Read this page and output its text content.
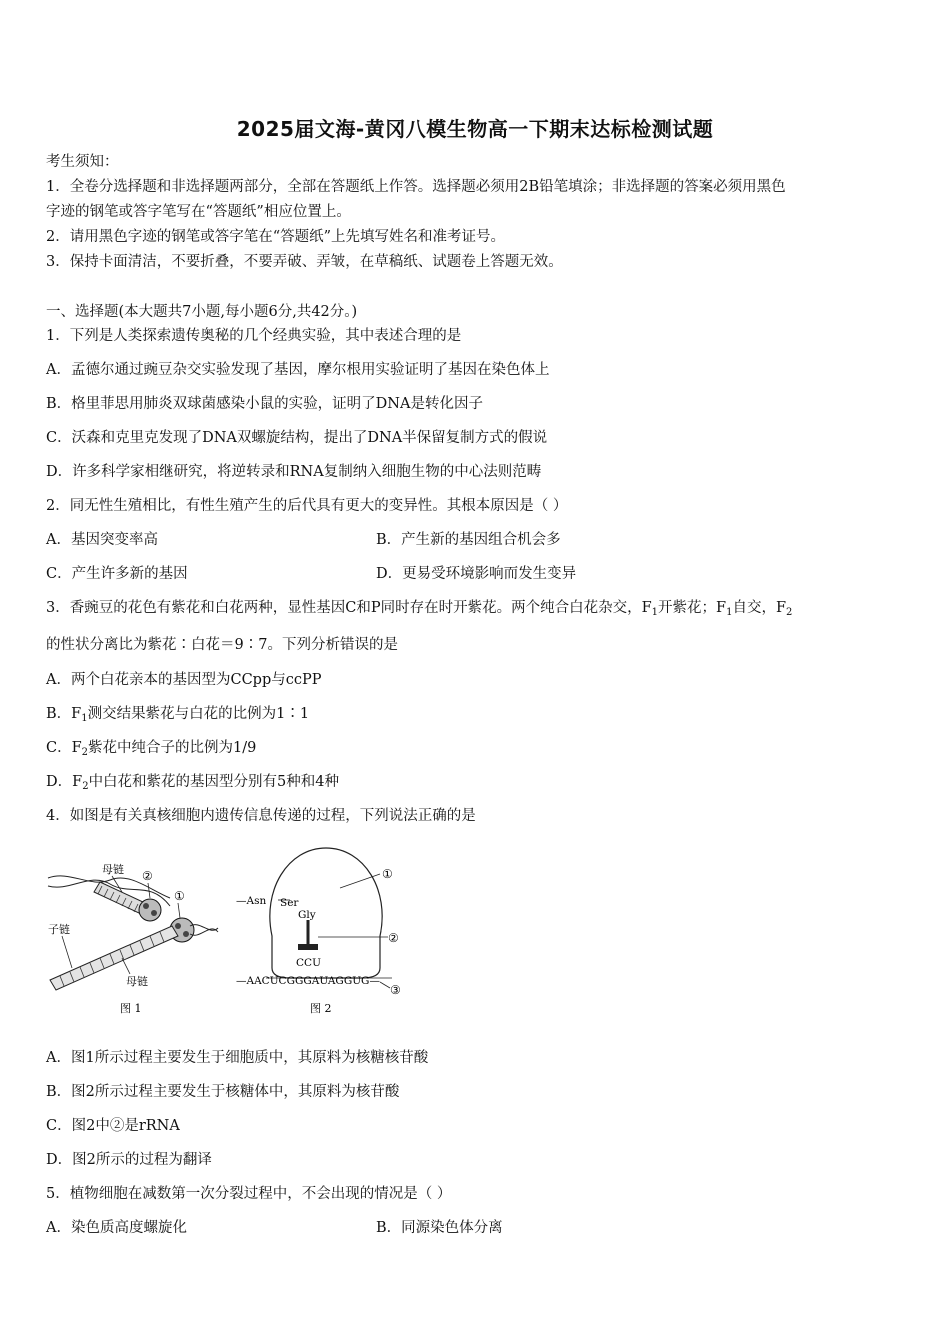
2025届文海-黄冈八模生物高一下期末达标检测试题
考生须知：
1．全卷分选择题和非选择题两部分，全部在答题纸上作答。选择题必须用2B铅笔填涂；非选择题的答案必须用黑色
字迹的钢笔或答字笔写在“答题纸”相应位置上。
2．请用黑色字迹的钢笔或答字笔在“答题纸”上先填写姓名和准考证号。
3．保持卡面清洁，不要折叠，不要弄破、弄皱，在草稿纸、试题卷上答题无效。
一、选择题(本大题共7小题,每小题6分,共42分。)
1．下列是人类探索遗传奥秘的几个经典实验，其中表述合理的是
A．孟德尔通过豌豆杂交实验发现了基因，摩尔根用实验证明了基因在染色体上
B．格里菲思用肺炎双球菌感染小鼠的实验，证明了DNA是转化因子
C．沃森和克里克发现了DNA双螺旋结构，提出了DNA半保留复制方式的假说
D．许多科学家相继研究，将逆转录和RNA复制纳入细胞生物的中心法则范畴
2．同无性生殖相比，有性生殖产生的后代具有更大的变异性。其根本原因是（ ）
A．基因突变率高	B．产生新的基因组合机会多
C．产生许多新的基因	D．更易受环境影响而发生变异
3．香豌豆的花色有紫花和白花两种，显性基因C和P同时存在时开紫花。两个纯合白花杂交，$F_1$开紫花；$F_1$自交，$F_2$
的性状分离比为紫花∶白花＝9∶7。下列分析错误的是
A．两个白花亲本的基因型为CCpp与ccPP
B．$F_1$测交结果紫花与白花的比例为1∶1
C．$F_2$紫花中纯合子的比例为1/9
D．$F_2$中白花和紫花的基因型分别有5种和4种
4．如图是有关真核细胞内遗传信息传递的过程，下列说法正确的是
母链 ②
①
子链
母链
图 1
—Asn Ser
Gly
CCU
—AACUCGGGAUAGGUG—
①
②
③
图 2
A．图1所示过程主要发生于细胞质中，其原料为核糖核苷酸
B．图2所示过程主要发生于核糖体中，其原料为核苷酸
C．图2中②是rRNA
D．图2所示的过程为翻译
5．植物细胞在减数第一次分裂过程中，不会出现的情况是（ ）
A．染色质高度螺旋化	B．同源染色体分离
